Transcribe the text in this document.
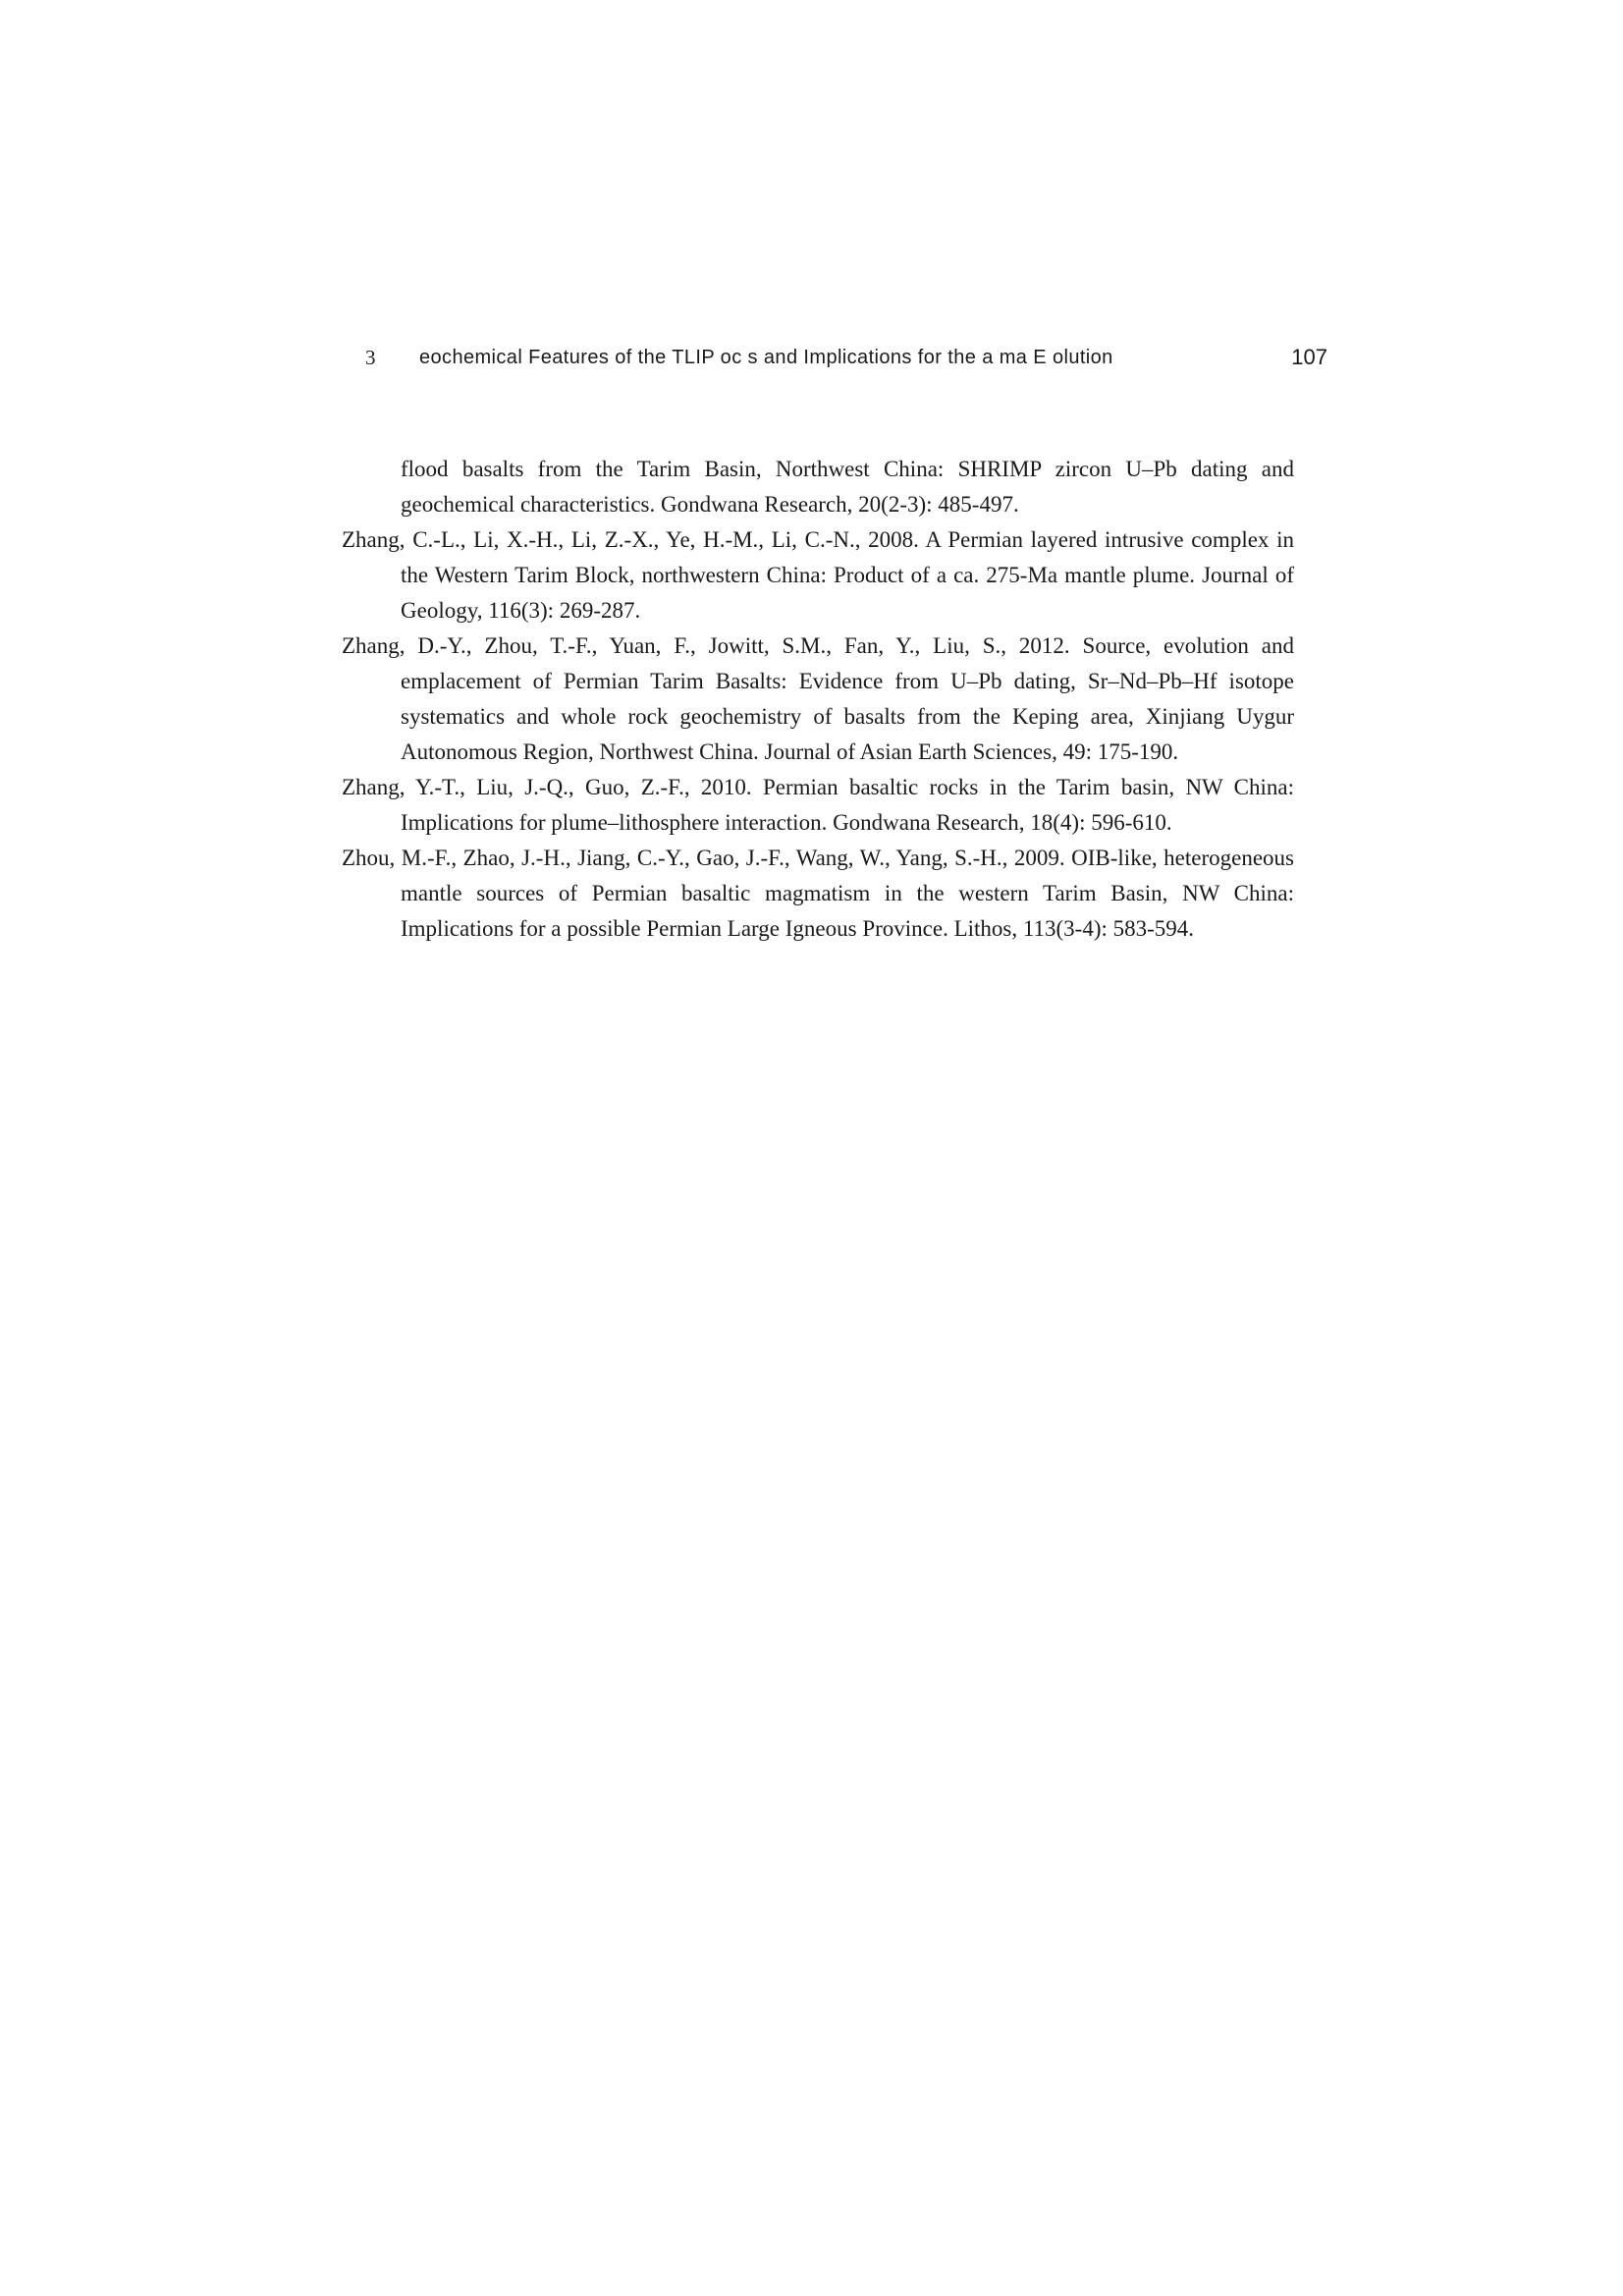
3 eochemical Features of the TLIP oc s and Implications for the a ma E olution	107

flood basalts from the Tarim Basin, Northwest China: SHRIMP zircon U–Pb dating and geochemical characteristics. Gondwana Research, 20(2-3): 485-497.

Zhang, C.-L., Li, X.-H., Li, Z.-X., Ye, H.-M., Li, C.-N., 2008. A Permian layered intrusive complex in the Western Tarim Block, northwestern China: Product of a ca. 275-Ma mantle plume. Journal of Geology, 116(3): 269-287.

Zhang, D.-Y., Zhou, T.-F., Yuan, F., Jowitt, S.M., Fan, Y., Liu, S., 2012. Source, evolution and emplacement of Permian Tarim Basalts: Evidence from U–Pb dating, Sr–Nd–Pb–Hf isotope systematics and whole rock geochemistry of basalts from the Keping area, Xinjiang Uygur Autonomous Region, Northwest China. Journal of Asian Earth Sciences, 49: 175-190.

Zhang, Y.-T., Liu, J.-Q., Guo, Z.-F., 2010. Permian basaltic rocks in the Tarim basin, NW China: Implications for plume–lithosphere interaction. Gondwana Research, 18(4): 596-610.

Zhou, M.-F., Zhao, J.-H., Jiang, C.-Y., Gao, J.-F., Wang, W., Yang, S.-H., 2009. OIB-like, heterogeneous mantle sources of Permian basaltic magmatism in the western Tarim Basin, NW China: Implications for a possible Permian Large Igneous Province. Lithos, 113(3-4): 583-594.
